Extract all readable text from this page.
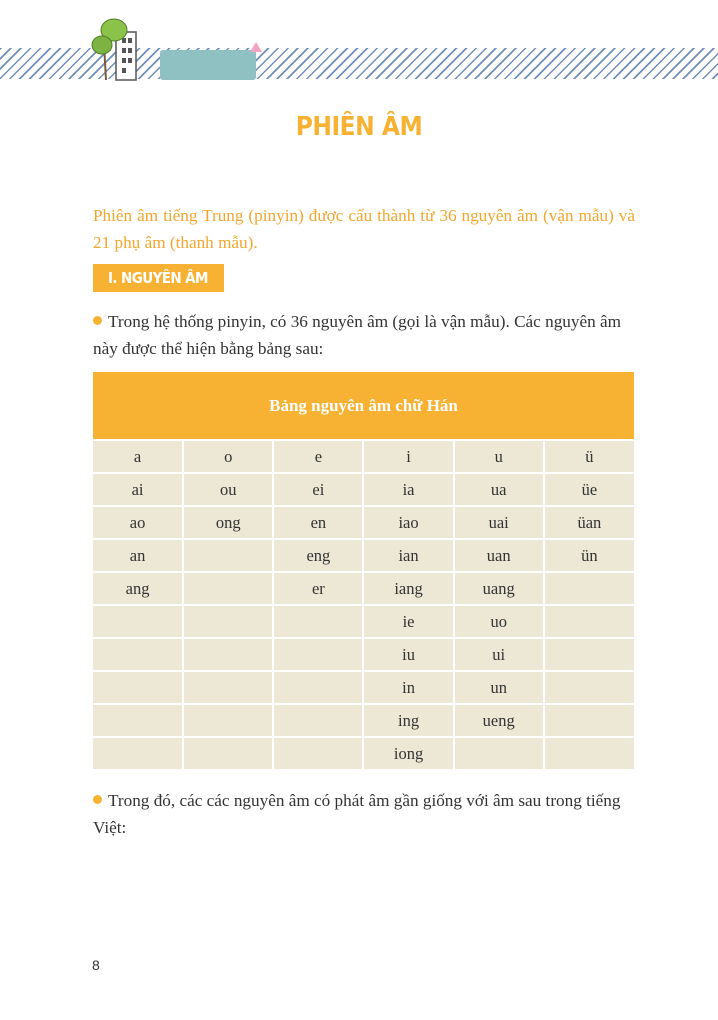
PHIÊN ÂM
Phiên âm tiếng Trung (pinyin) được cấu thành từ 36 nguyên âm (vận mẫu) và 21 phụ âm (thanh mẫu).
I. NGUYÊN ÂM
Trong hệ thống pinyin, có 36 nguyên âm (gọi là vận mẫu). Các nguyên âm này được thể hiện bằng bảng sau:
Bảng nguyên âm chữ Hán					
a	o	e	i	u	ü
ai	ou	ei	ia	ua	üe
ao	ong	en	iao	uai	üan
an		eng	ian	uan	ün
ang		er	iang	uang	
			ie	uo	
			iu	ui	
			in	un	
			ing	ueng	
			iong		
Trong đó, các các nguyên âm có phát âm gần giống với âm sau trong tiếng Việt:
8
